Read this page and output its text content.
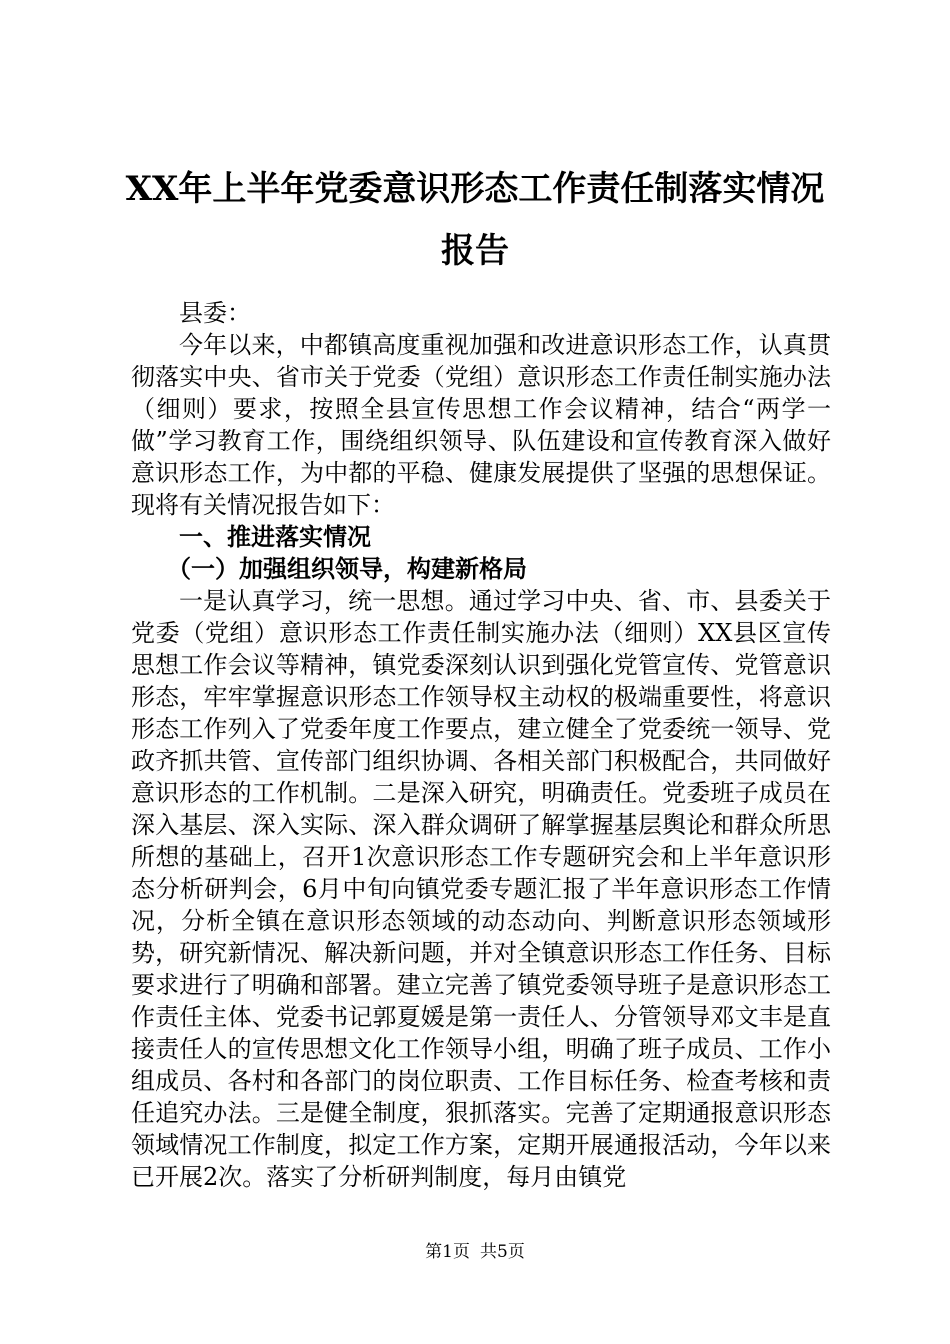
XX年上半年党委意识形态工作责任制落实情况报告

县委：

今年以来，中都镇高度重视加强和改进意识形态工作，认真贯彻落实中央、省市关于党委（党组）意识形态工作责任制实施办法（细则）要求，按照全县宣传思想工作会议精神，结合“两学一做”学习教育工作，围绕组织领导、队伍建设和宣传教育深入做好意识形态工作，为中都的平稳、健康发展提供了坚强的思想保证。现将有关情况报告如下：

一、推进落实情况

（一）加强组织领导，构建新格局

一是认真学习，统一思想。通过学习中央、省、市、县委关于党委（党组）意识形态工作责任制实施办法（细则）XX县区宣传思想工作会议等精神，镇党委深刻认识到强化党管宣传、党管意识形态，牢牢掌握意识形态工作领导权主动权的极端重要性，将意识形态工作列入了党委年度工作要点，建立健全了党委统一领导、党政齐抓共管、宣传部门组织协调、各相关部门积极配合，共同做好意识形态的工作机制。二是深入研究，明确责任。党委班子成员在深入基层、深入实际、深入群众调研了解掌握基层舆论和群众所思所想的基础上，召开1次意识形态工作专题研究会和上半年意识形态分析研判会，6月中旬向镇党委专题汇报了半年意识形态工作情况，分析全镇在意识形态领域的动态动向、判断意识形态领域形势，研究新情况、解决新问题，并对全镇意识形态工作任务、目标要求进行了明确和部署。建立完善了镇党委领导班子是意识形态工作责任主体、党委书记郭夏媛是第一责任人、分管领导邓文丰是直接责任人的宣传思想文化工作领导小组，明确了班子成员、工作小组成员、各村和各部门的岗位职责、工作目标任务、检查考核和责任追究办法。三是健全制度，狠抓落实。完善了定期通报意识形态领域情况工作制度，拟定工作方案，定期开展通报活动，今年以来已开展2次。落实了分析研判制度，每月由镇党

第1页 共5页
